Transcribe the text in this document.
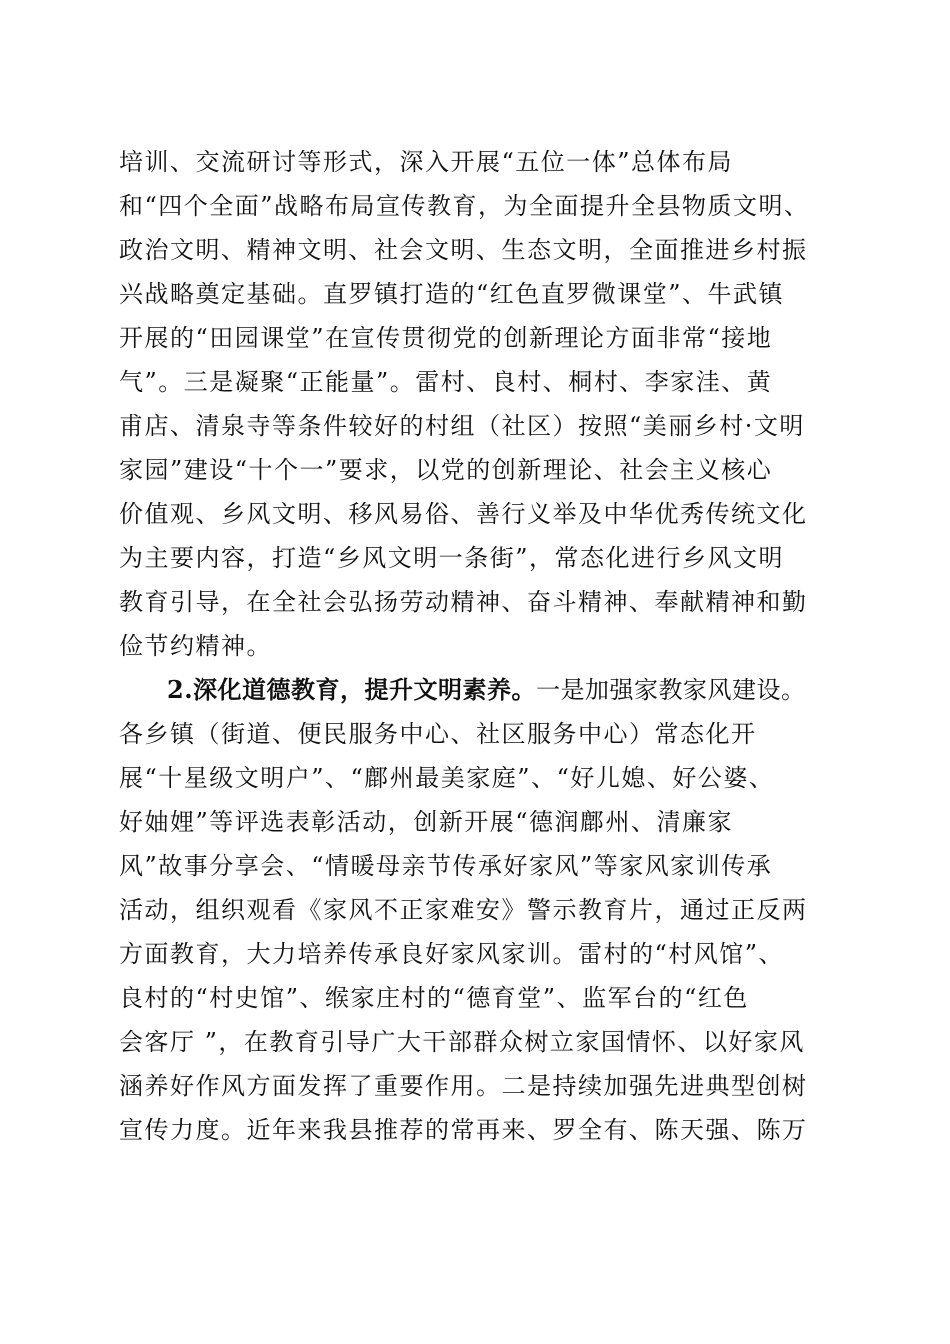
培训、交流研讨等形式，深入开展“五位一体”总体布局
和“四个全面”战略布局宣传教育，为全面提升全县物质文明、
政治文明、精神文明、社会文明、生态文明，全面推进乡村振
兴战略奠定基础。直罗镇打造的“红色直罗微课堂”、牛武镇
开展的“田园课堂”在宣传贯彻党的创新理论方面非常“接地
气”。三是凝聚“正能量”。雷村、良村、桐村、李家洼、黄
甫店、清泉寺等条件较好的村组（社区）按照“美丽乡村·文明
家园”建设“十个一”要求，以党的创新理论、社会主义核心
价值观、乡风文明、移风易俗、善行义举及中华优秀传统文化
为主要内容，打造“乡风文明一条街”，常态化进行乡风文明
教育引导，在全社会弘扬劳动精神、奋斗精神、奉献精神和勤
俭节约精神。
2.深化道德教育，提升文明素养。一是加强家教家风建设。
各乡镇（街道、便民服务中心、社区服务中心）常态化开
展“十星级文明户”、“鄜州最美家庭”、“好儿媳、好公婆、
好妯娌”等评选表彰活动，创新开展“德润鄜州、清廉家
风”故事分享会、“情暖母亲节传承好家风”等家风家训传承
活动，组织观看《家风不正家难安》警示教育片，通过正反两
方面教育，大力培养传承良好家风家训。雷村的“村风馆”、
良村的“村史馆”、缑家庄村的“德育堂”、监军台的“红色
会客厅 ”，在教育引导广大干部群众树立家国情怀、以好家风
涵养好作风方面发挥了重要作用。二是持续加强先进典型创树
宣传力度。近年来我县推荐的常再来、罗全有、陈天强、陈万
